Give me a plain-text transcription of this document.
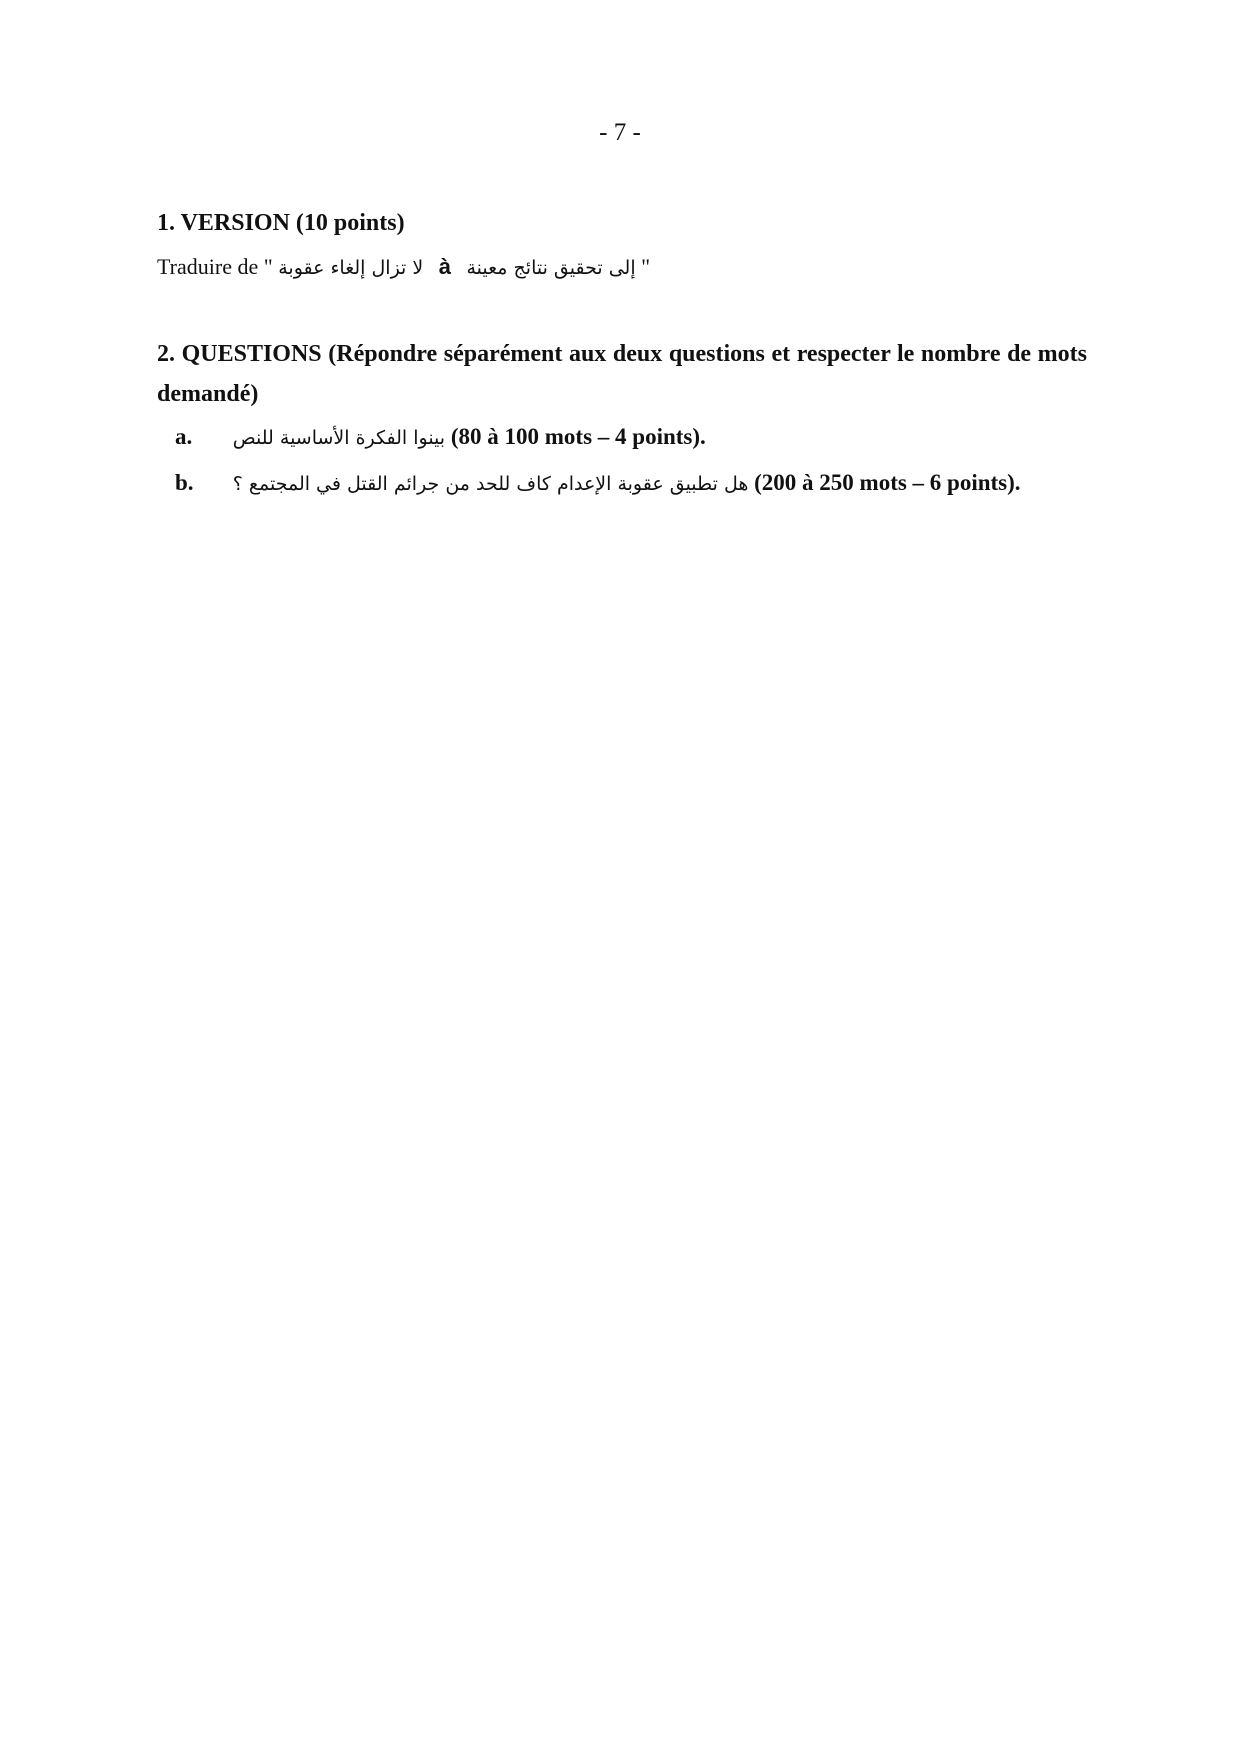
- 7 -
1. VERSION (10 points)
Traduire de " لا تزال إلغاء عقوبة à إلى تحقيق نتائج معينة "
2. QUESTIONS (Répondre séparément aux deux questions et respecter le nombre de mots demandé)
a. بينوا الفكرة الأساسية للنص (80 à 100 mots – 4 points).
b. هل تطبيق عقوبة الإعدام كاف للحد من جرائم القتل في المجتمع ؟ (200 à 250 mots – 6 points).
